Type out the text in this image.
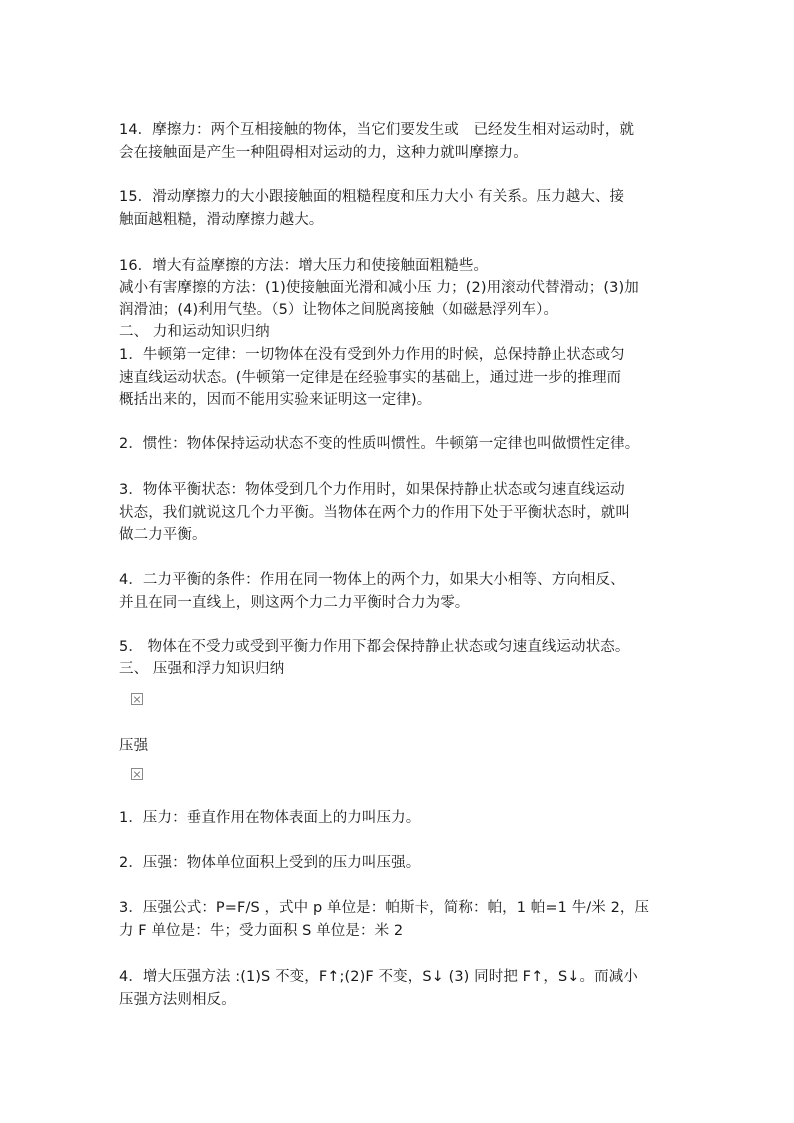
14．摩擦力：两个互相接触的物体，当它们要发生或　已经发生相对运动时，就
会在接触面是产生一种阻碍相对运动的力，这种力就叫摩擦力。
15．滑动摩擦力的大小跟接触面的粗糙程度和压力大小 有关系。压力越大、接
触面越粗糙，滑动摩擦力越大。
16．增大有益摩擦的方法：增大压力和使接触面粗糙些。
减小有害摩擦的方法：(1)使接触面光滑和减小压 力；(2)用滚动代替滑动；(3)加
润滑油；(4)利用气垫。（5）让物体之间脱离接触（如磁悬浮列车）。
二、 力和运动知识归纳
1．牛顿第一定律：一切物体在没有受到外力作用的时候，总保持静止状态或匀
速直线运动状态。(牛顿第一定律是在经验事实的基础上，通过进一步的推理而
概括出来的，因而不能用实验来证明这一定律)。
2．惯性：物体保持运动状态不变的性质叫惯性。牛顿第一定律也叫做惯性定律。
3．物体平衡状态：物体受到几个力作用时，如果保持静止状态或匀速直线运动
状态，我们就说这几个力平衡。当物体在两个力的作用下处于平衡状态时，就叫
做二力平衡。
4．二力平衡的条件：作用在同一物体上的两个力，如果大小相等、方向相反、
并且在同一直线上，则这两个力二力平衡时合力为零。
5． 物体在不受力或受到平衡力作用下都会保持静止状态或匀速直线运动状态。
三、 压强和浮力知识归纳
压强
1．压力：垂直作用在物体表面上的力叫压力。
2．压强：物体单位面积上受到的压力叫压强。
3．压强公式：P=F/S ，式中 p 单位是：帕斯卡，简称：帕，1 帕=1 牛/米 2，压
力 F 单位是：牛；受力面积 S 单位是：米 2
4．增大压强方法 :(1)S 不变，F↑;(2)F 不变，S↓ (3) 同时把 F↑，S↓。而减小
压强方法则相反。
